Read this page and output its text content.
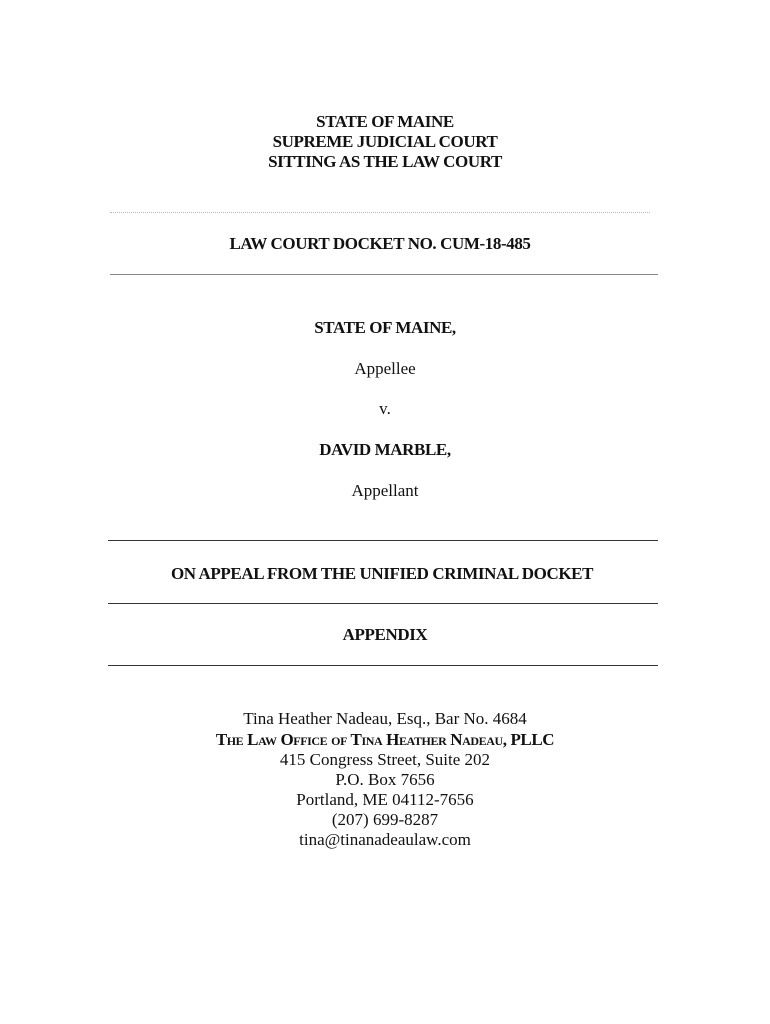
STATE OF MAINE
SUPREME JUDICIAL COURT
SITTING AS THE LAW COURT
LAW COURT DOCKET NO. CUM-18-485
STATE OF MAINE,
Appellee
v.
DAVID MARBLE,
Appellant
ON APPEAL FROM THE UNIFIED CRIMINAL DOCKET
APPENDIX
Tina Heather Nadeau, Esq., Bar No. 4684
The Law Office of Tina Heather Nadeau, PLLC
415 Congress Street, Suite 202
P.O. Box 7656
Portland, ME 04112-7656
(207) 699-8287
tina@tinanadeaulaw.com
